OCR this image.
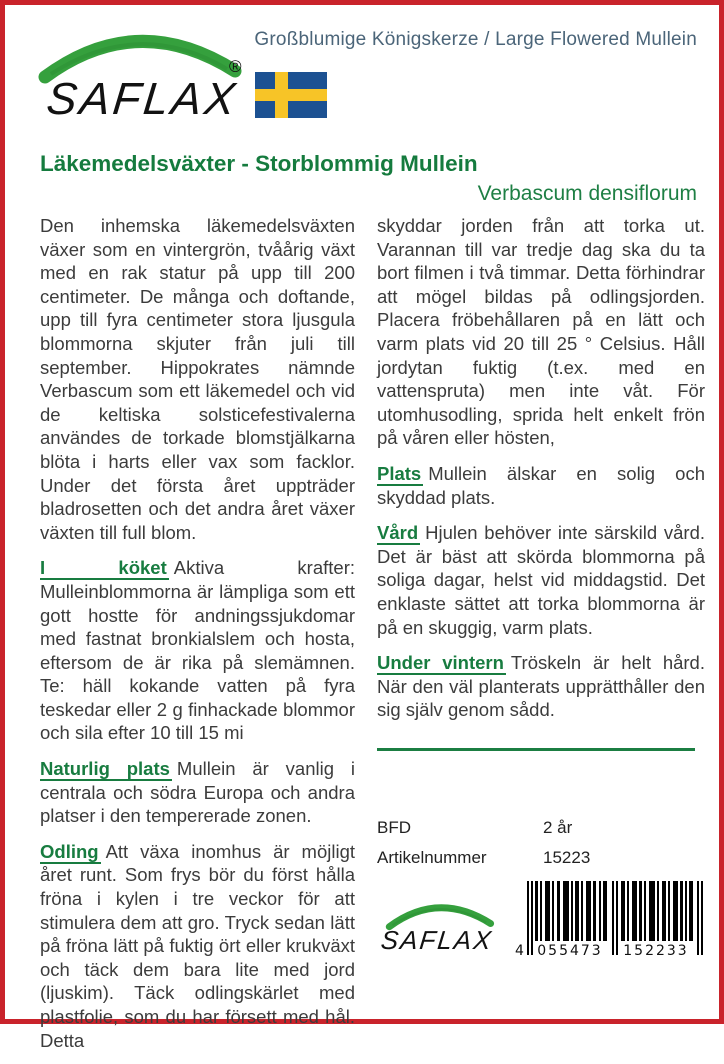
SAFLAX
®
Großblumige Königskerze / Large Flowered Mullein
Läkemedelsväxter - Storblommig Mullein
Verbascum densiflorum

Den inhemska läkemedelsväxten växer som en vintergrön, tvåårig växt med en rak statur på upp till 200 centimeter. De många och doftande, upp till fyra centimeter stora ljusgula blommorna skjuter från juli till september. Hippokrates nämnde Verbascum som ett läkemedel och vid de keltiska solsticefestivalerna användes de torkade blomstjälkarna blöta i harts eller vax som facklor. Under det första året uppträder bladrosetten och det andra året växer växten till full blom.

I köket Aktiva krafter: Mulleinblommorna är lämpliga som ett gott hostte för andningssjukdomar med fastnat bronkialslem och hosta, eftersom de är rika på slemämnen. Te: häll kokande vatten på fyra teskedar eller 2 g finhackade blommor och sila efter 10 till 15 mi

Naturlig plats Mullein är vanlig i centrala och södra Europa och andra platser i den tempererade zonen.

Odling Att växa inomhus är möjligt året runt. Som frys bör du först hålla fröna i kylen i tre veckor för att stimulera dem att gro. Tryck sedan lätt på fröna lätt på fuktig ört eller krukväxt och täck dem bara lite med jord (ljuskim). Täck odlingskärlet med plastfolie, som du har försett med hål. Detta

skyddar jorden från att torka ut. Varannan till var tredje dag ska du ta bort filmen i två timmar. Detta förhindrar att mögel bildas på odlingsjorden. Placera fröbehållaren på en lätt och varm plats vid 20 till 25 ° Celsius. Håll jordytan fuktig (t.ex. med en vattenspruta) men inte våt. För utomhusodling, sprida helt enkelt frön på våren eller hösten,

Plats Mullein älskar en solig och skyddad plats.

Vård Hjulen behöver inte särskild vård. Det är bäst att skörda blommorna på soliga dagar, helst vid middagstid. Det enklaste sättet att torka blommorna är på en skuggig, varm plats.

Under vintern Tröskeln är helt hård. När den väl planterats upprätthåller den sig själv genom sådd.

BFD	2 år
Artikelnummer	15223
SAFLAX 4 055473	152233
